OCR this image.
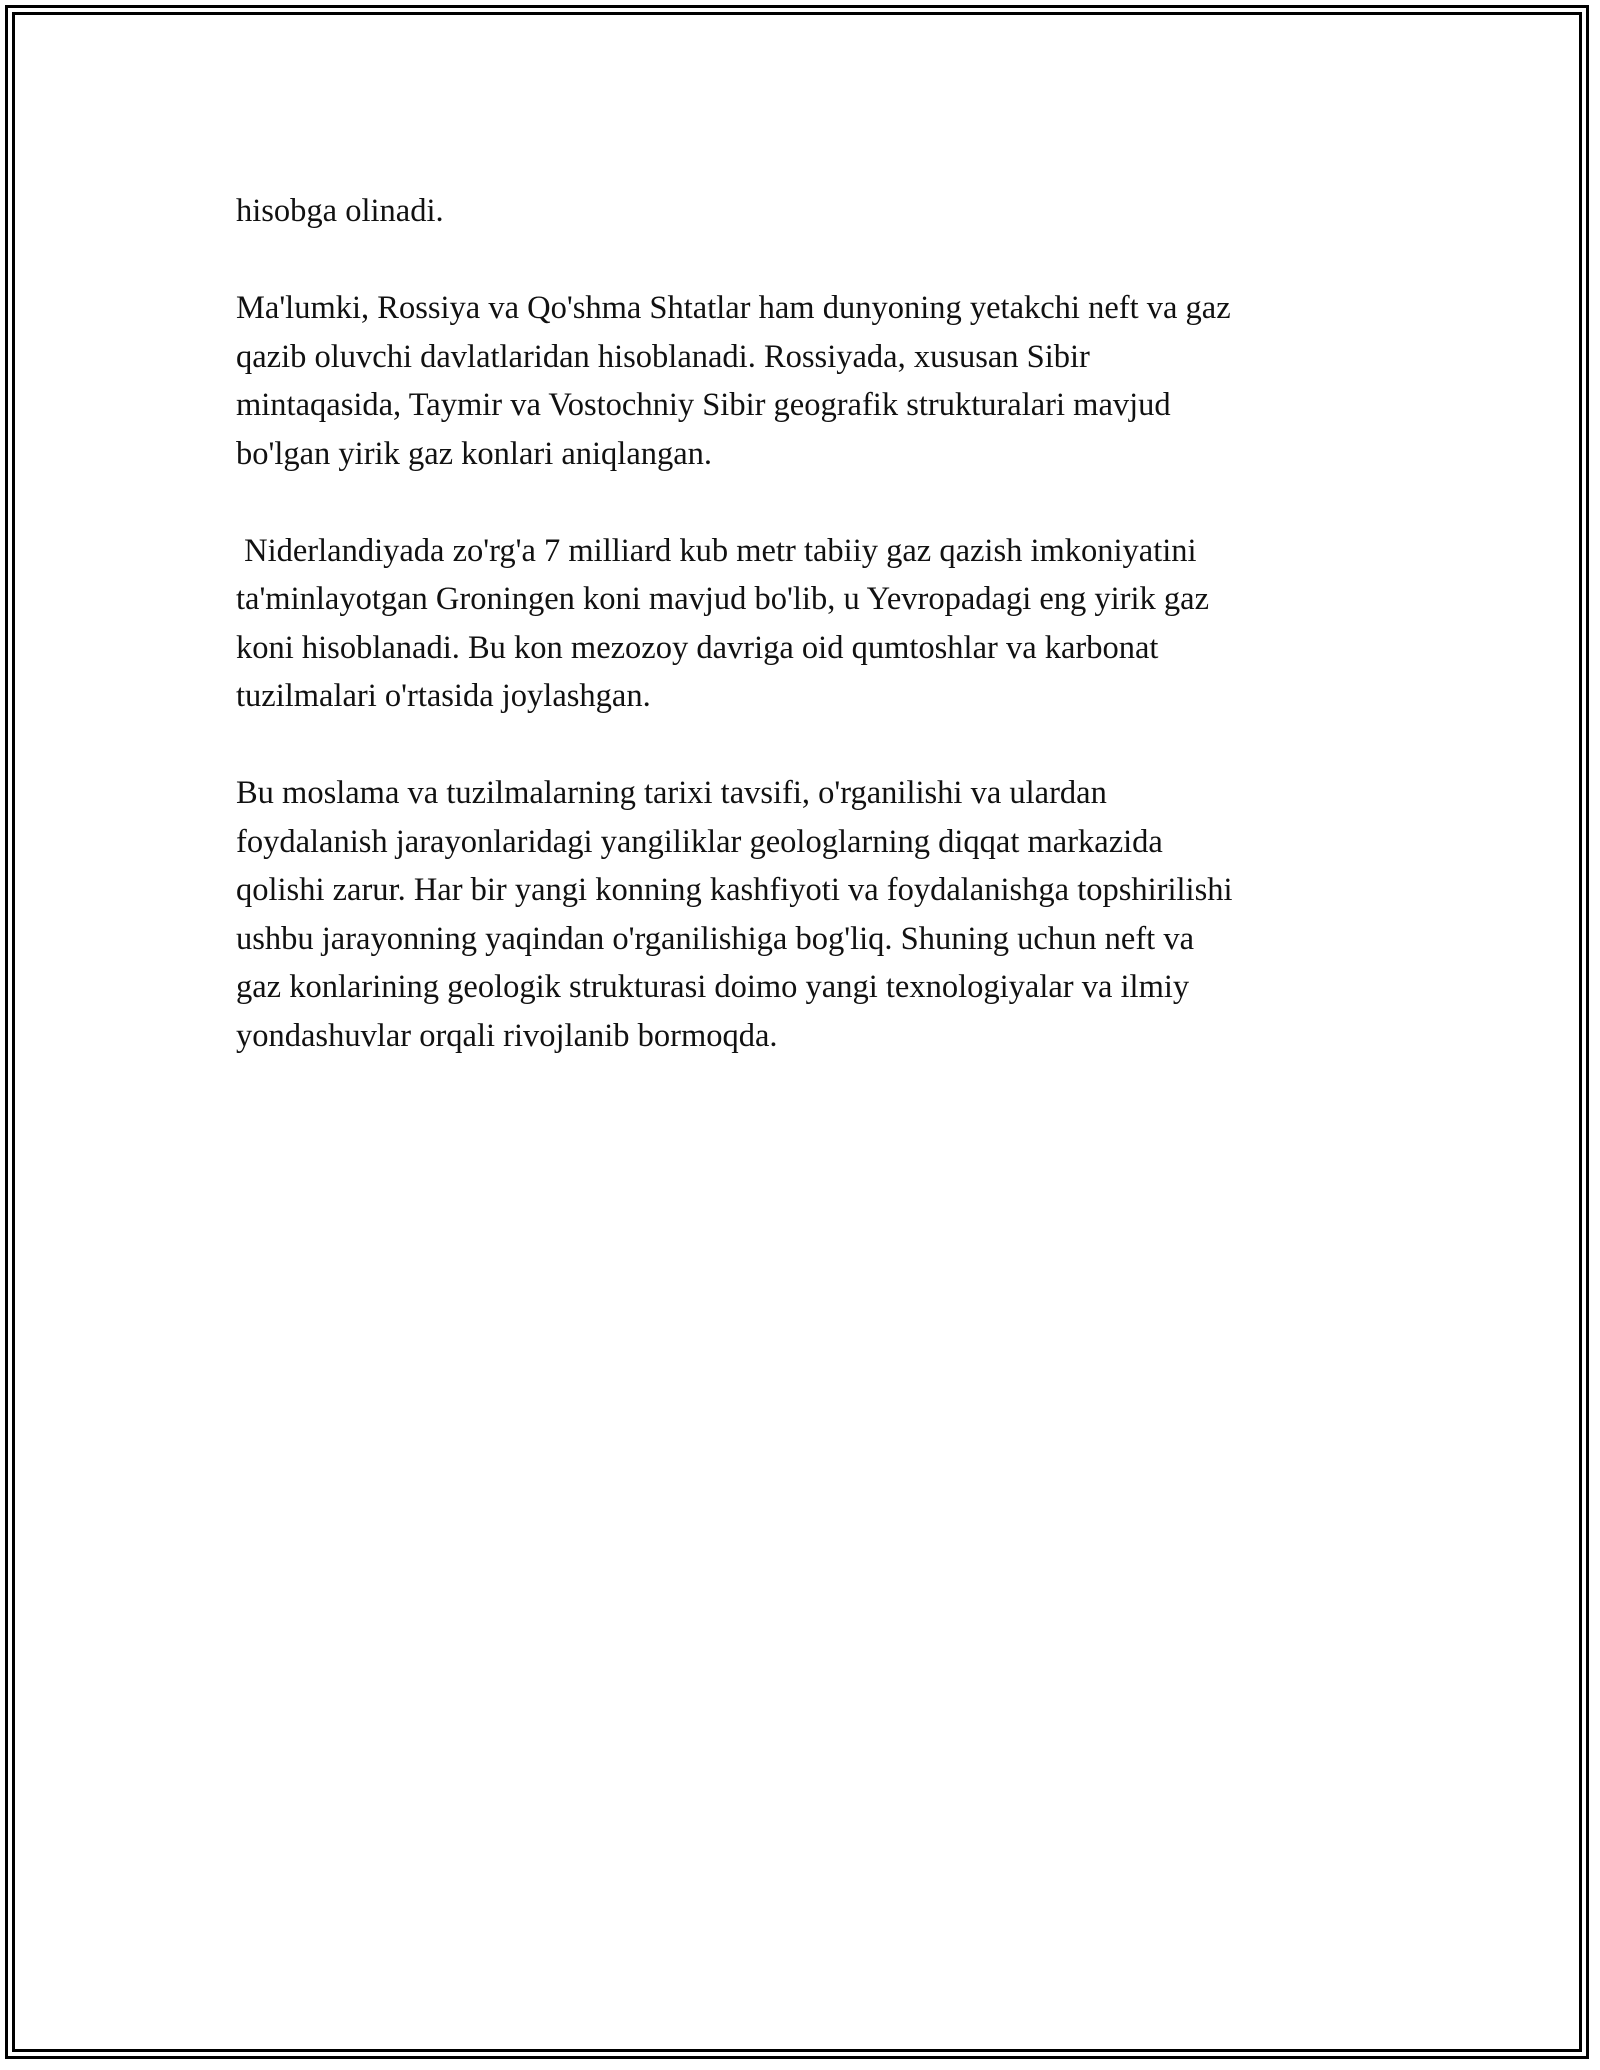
hisobga olinadi.

Ma'lumki, Rossiya va Qo'shma Shtatlar ham dunyoning yetakchi neft va gaz
qazib oluvchi davlatlaridan hisoblanadi. Rossiyada, xususan Sibir
mintaqasida, Taymir va Vostochniy Sibir geografik strukturalari mavjud
bo'lgan yirik gaz konlari aniqlangan.

Niderlandiyada zo'rg'a 7 milliard kub metr tabiiy gaz qazish imkoniyatini
ta'minlayotgan Groningen koni mavjud bo'lib, u Yevropadagi eng yirik gaz
koni hisoblanadi. Bu kon mezozoy davriga oid qumtoshlar va karbonat
tuzilmalari o'rtasida joylashgan.

Bu moslama va tuzilmalarning tarixi tavsifi, o'rganilishi va ulardan
foydalanish jarayonlaridagi yangiliklar geologlarning diqqat markazida
qolishi zarur. Har bir yangi konning kashfiyoti va foydalanishga topshirilishi
ushbu jarayonning yaqindan o'rganilishiga bog'liq. Shuning uchun neft va
gaz konlarining geologik strukturasi doimo yangi texnologiyalar va ilmiy
yondashuvlar orqali rivojlanib bormoqda.
